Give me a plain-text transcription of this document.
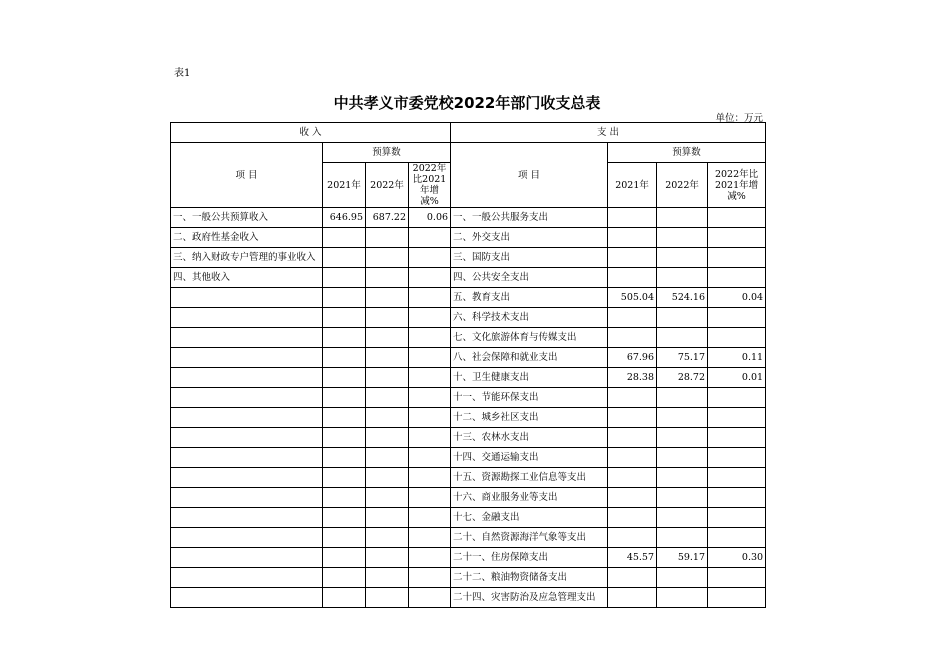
表1
中共孝义市委党校2022年部门收支总表
单位：万元
收 入				支 出			
项 目	预算数			项 目	预算数		
	2021年	2022年	2022年比2021年增减%		2021年	2022年	2022年比2021年增减%
一、一般公共预算收入	646.95	687.22	0.06	一、一般公共服务支出			
二、政府性基金收入				二、外交支出			
三、纳入财政专户管理的事业收入				三、国防支出			
四、其他收入				四、公共安全支出			
				五、教育支出	505.04	524.16	0.04
				六、科学技术支出			
				七、文化旅游体育与传媒支出			
				八、社会保障和就业支出	67.96	75.17	0.11
				十、卫生健康支出	28.38	28.72	0.01
				十一、节能环保支出			
				十二、城乡社区支出			
				十三、农林水支出			
				十四、交通运输支出			
				十五、资源勘探工业信息等支出			
				十六、商业服务业等支出			
				十七、金融支出			
				二十、自然资源海洋气象等支出			
				二十一、住房保障支出	45.57	59.17	0.30
				二十二、粮油物资储备支出			
				二十四、灾害防治及应急管理支出			
